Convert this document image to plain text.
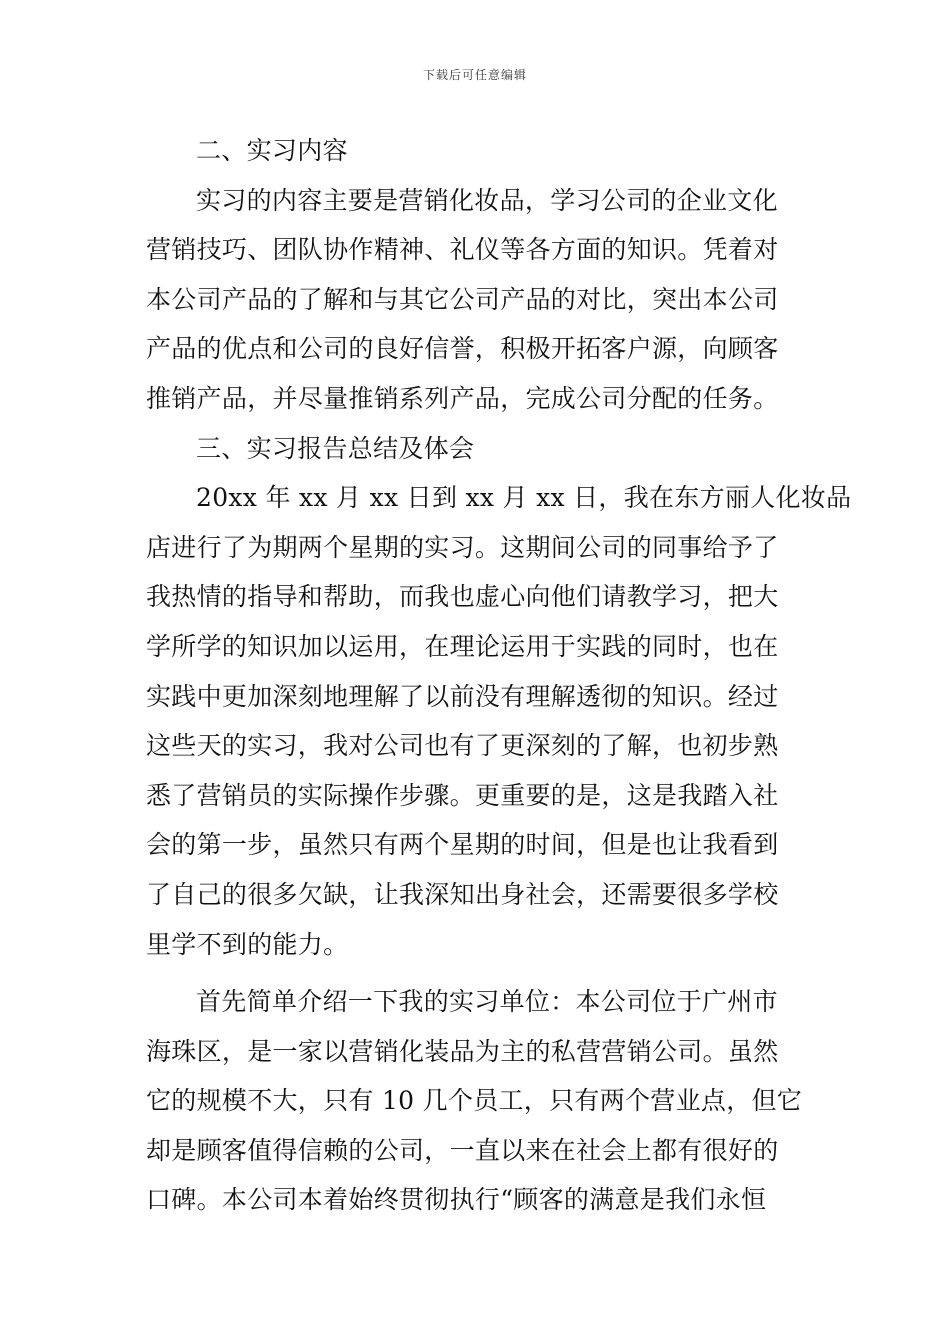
下载后可任意编辑
二、实习内容
实习的内容主要是营销化妆品，学习公司的企业文化
营销技巧、团队协作精神、礼仪等各方面的知识。凭着对
本公司产品的了解和与其它公司产品的对比，突出本公司
产品的优点和公司的良好信誉，积极开拓客户源，向顾客
推销产品，并尽量推销系列产品，完成公司分配的任务。
三、实习报告总结及体会
20xx 年 xx 月 xx 日到 xx 月 xx 日，我在东方丽人化妆品
店进行了为期两个星期的实习。这期间公司的同事给予了
我热情的指导和帮助，而我也虚心向他们请教学习，把大
学所学的知识加以运用，在理论运用于实践的同时，也在
实践中更加深刻地理解了以前没有理解透彻的知识。经过
这些天的实习，我对公司也有了更深刻的了解，也初步熟
悉了营销员的实际操作步骤。更重要的是，这是我踏入社
会的第一步，虽然只有两个星期的时间，但是也让我看到
了自己的很多欠缺，让我深知出身社会，还需要很多学校
里学不到的能力。
首先简单介绍一下我的实习单位：本公司位于广州市
海珠区，是一家以营销化装品为主的私营营销公司。虽然
它的规模不大，只有 10 几个员工，只有两个营业点，但它
却是顾客值得信赖的公司，一直以来在社会上都有很好的
口碑。本公司本着始终贯彻执行“顾客的满意是我们永恒
